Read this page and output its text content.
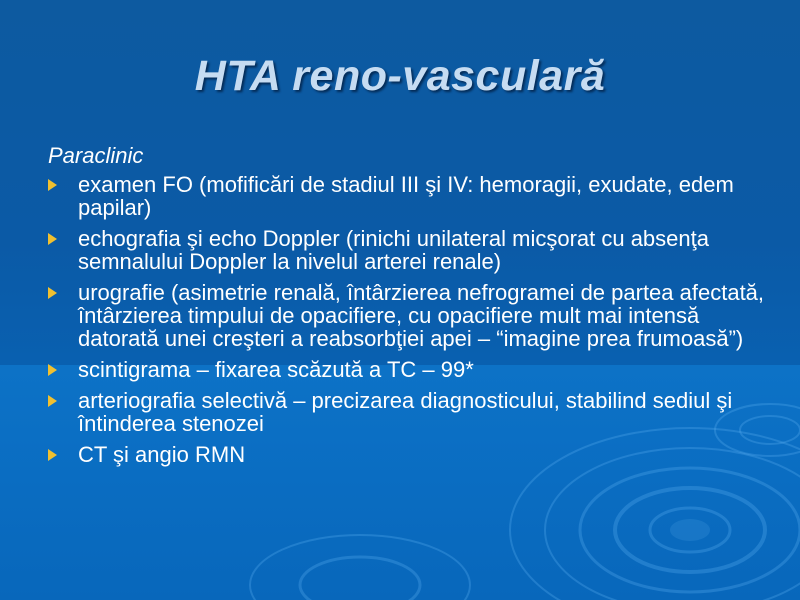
HTA reno-vasculară
Paraclinic
examen FO (mofificări de stadiul III şi IV: hemoragii, exudate, edem papilar)
echografia şi echo Doppler (rinichi unilateral micşorat cu absenţa semnalului Doppler la nivelul arterei renale)
urografie (asimetrie renală, întârzierea nefrogramei de partea afectată, întârzierea timpului de opacifiere, cu opacifiere mult mai intensă datorată unei creşteri a reabsorbţiei apei – “imagine prea frumoasă”)
scintigrama – fixarea scăzută a TC – 99*
arteriografia selectivă – precizarea diagnosticului, stabilind sediul şi întinderea stenozei
CT şi angio RMN
